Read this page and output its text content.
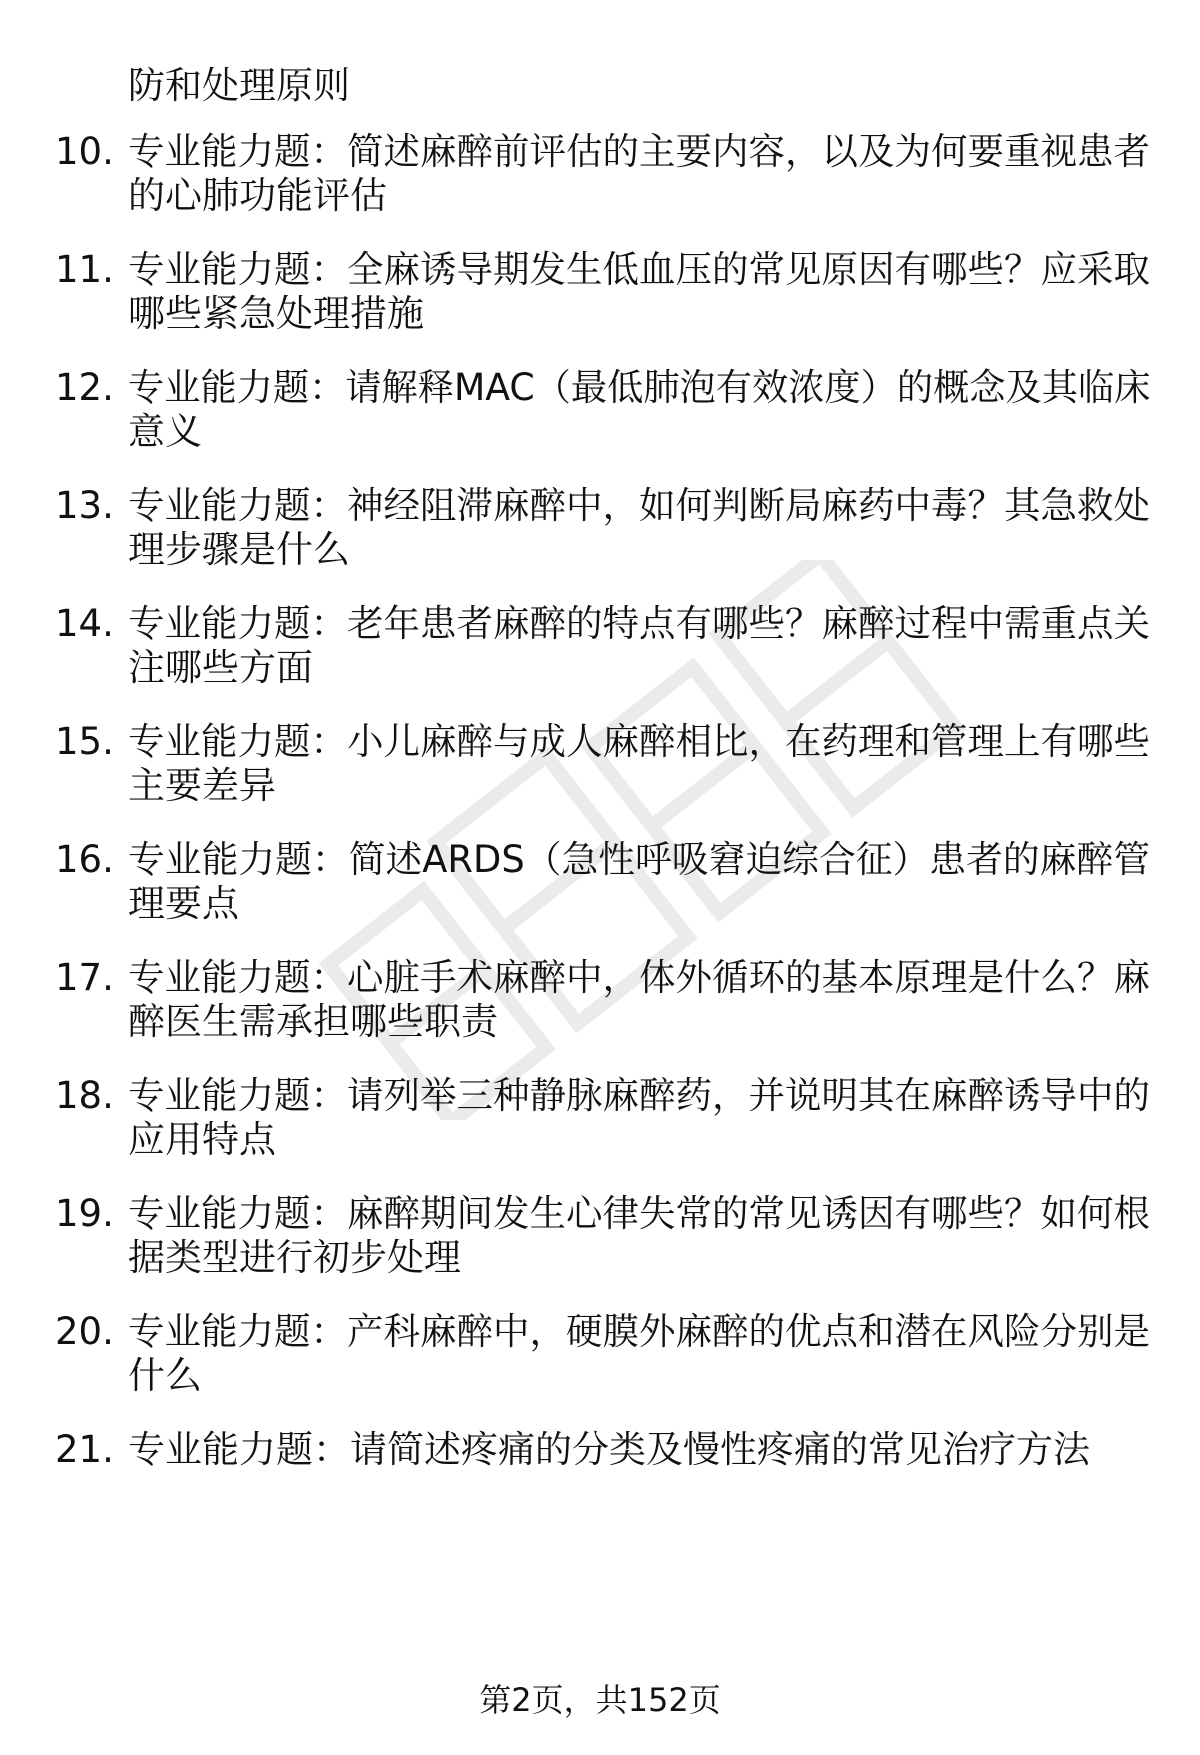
防和处理原则
10. 专业能力题：简述麻醉前评估的主要内容，以及为何要重视患者
的心肺功能评估
11. 专业能力题：全麻诱导期发生低血压的常见原因有哪些？应采取
哪些紧急处理措施
12. 专业能力题：请解释MAC（最低肺泡有效浓度）的概念及其临床
意义
13. 专业能力题：神经阻滞麻醉中，如何判断局麻药中毒？其急救处
理步骤是什么
14. 专业能力题：老年患者麻醉的特点有哪些？麻醉过程中需重点关
注哪些方面
15. 专业能力题：小儿麻醉与成人麻醉相比，在药理和管理上有哪些
主要差异
16. 专业能力题：简述ARDS（急性呼吸窘迫综合征）患者的麻醉管
理要点
17. 专业能力题：心脏手术麻醉中，体外循环的基本原理是什么？麻
醉医生需承担哪些职责
18. 专业能力题：请列举三种静脉麻醉药，并说明其在麻醉诱导中的
应用特点
19. 专业能力题：麻醉期间发生心律失常的常见诱因有哪些？如何根
据类型进行初步处理
20. 专业能力题：产科麻醉中，硬膜外麻醉的优点和潜在风险分别是
什么
21. 专业能力题：请简述疼痛的分类及慢性疼痛的常见治疗方法
第2页，共152页
